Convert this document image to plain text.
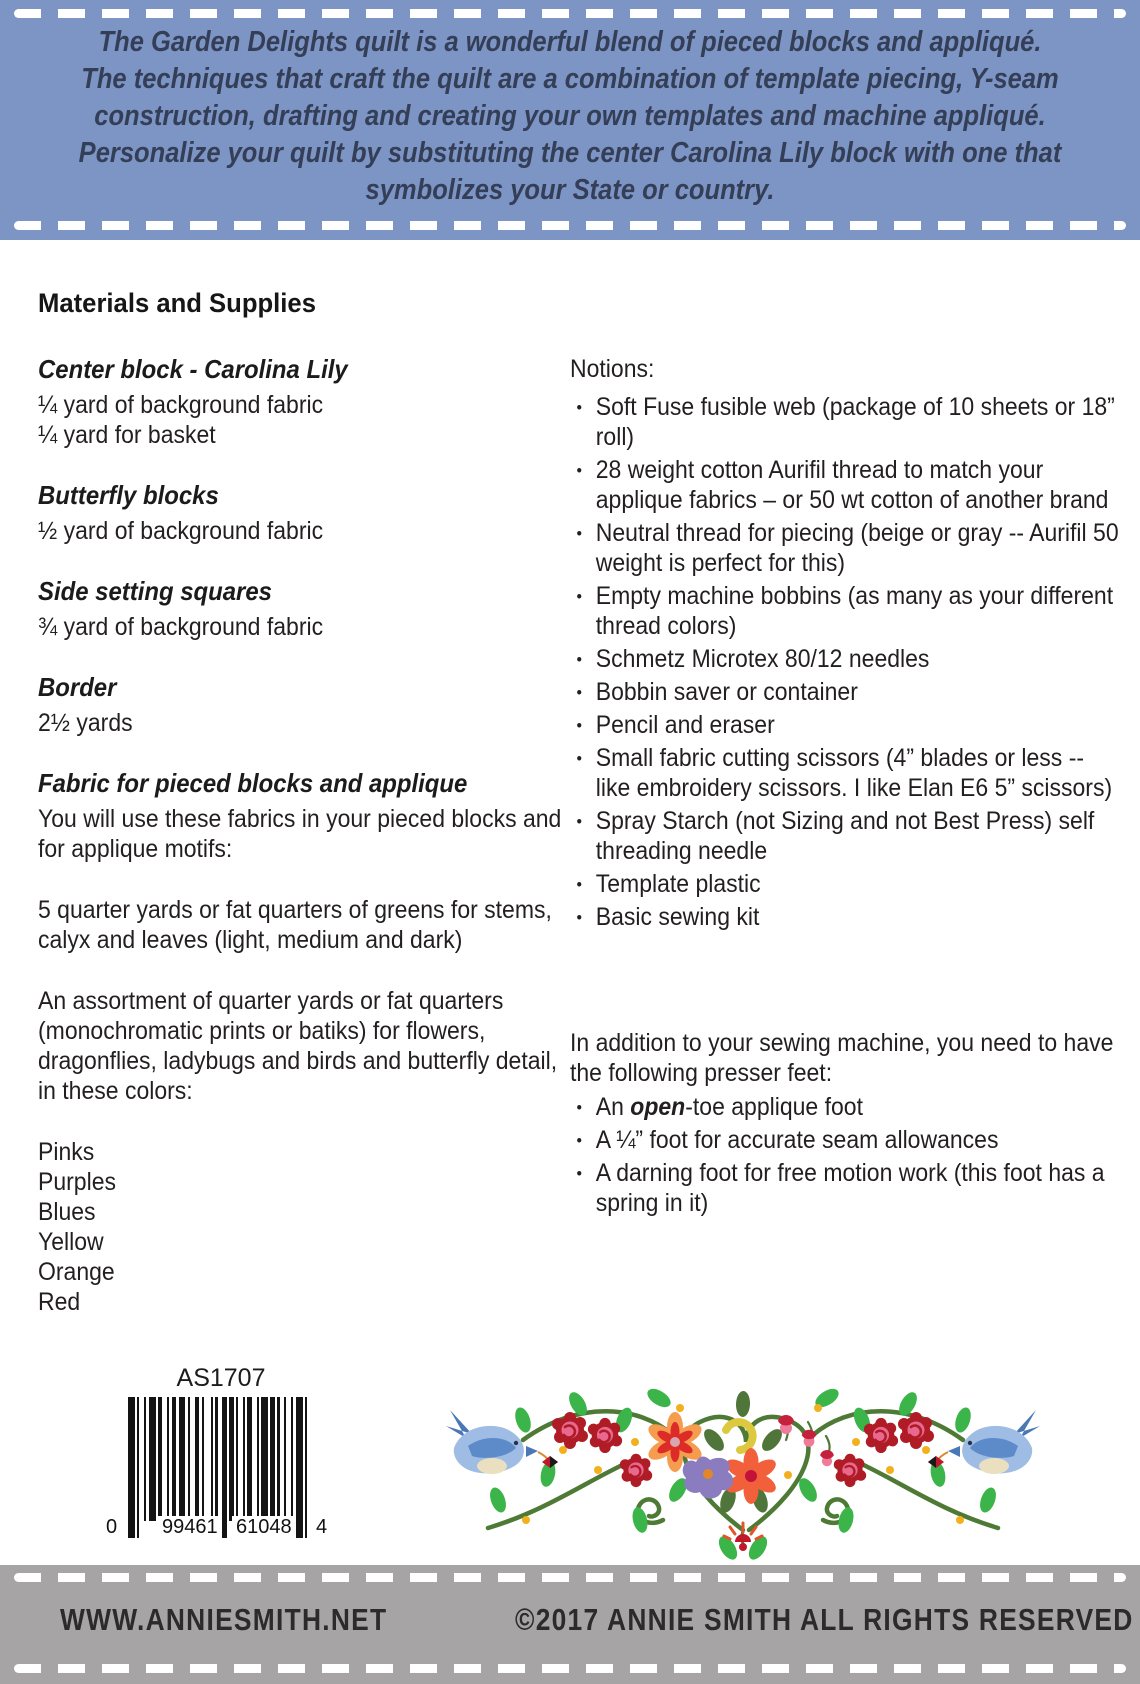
The Garden Delights quilt is a wonderful blend of pieced blocks and appliqué.
The techniques that craft the quilt are a combination of template piecing, Y-seam
construction, drafting and creating your own templates and machine appliqué.
Personalize your quilt by substituting the center Carolina Lily block with one that
symbolizes your State or country.
Materials and Supplies
Center block - Carolina Lily
¼ yard of background fabric
¼ yard for basket
Butterfly blocks
½ yard of background fabric
Side setting squares
¾ yard of background fabric
Border
2½ yards
Fabric for pieced blocks and applique

You will use these fabrics in your pieced blocks and for applique motifs:

5 quarter yards or fat quarters of greens for stems, calyx and leaves (light, medium and dark)

An assortment of quarter yards or fat quarters (monochromatic prints or batiks) for flowers, dragonflies, ladybugs and birds and butterfly detail, in these colors:

Pinks
Purples
Blues
Yellow
Orange
Red

Notions:

• Soft Fuse fusible web (package of 10 sheets or 18” roll)
• 28 weight cotton Aurifil thread to match your applique fabrics – or 50 wt cotton of another brand
• Neutral thread for piecing (beige or gray -- Aurifil 50 weight is perfect for this)
• Empty machine bobbins (as many as your different thread colors)
• Schmetz Microtex 80/12 needles
• Bobbin saver or container
• Pencil and eraser
• Small fabric cutting scissors (4” blades or less -- like embroidery scissors. I like Elan E6 5” scissors)
• Spray Starch (not Sizing and not Best Press) self threading needle
• Template plastic
• Basic sewing kit

In addition to your sewing machine, you need to have the following presser feet:

• An open-toe applique foot
• A ¼” foot for accurate seam allowances
• A darning foot for free motion work (this foot has a spring in it)
AS1707
0 99461 61048 4
WWW.ANNIESMITH.NET	©2017 ANNIE SMITH ALL RIGHTS RESERVED
